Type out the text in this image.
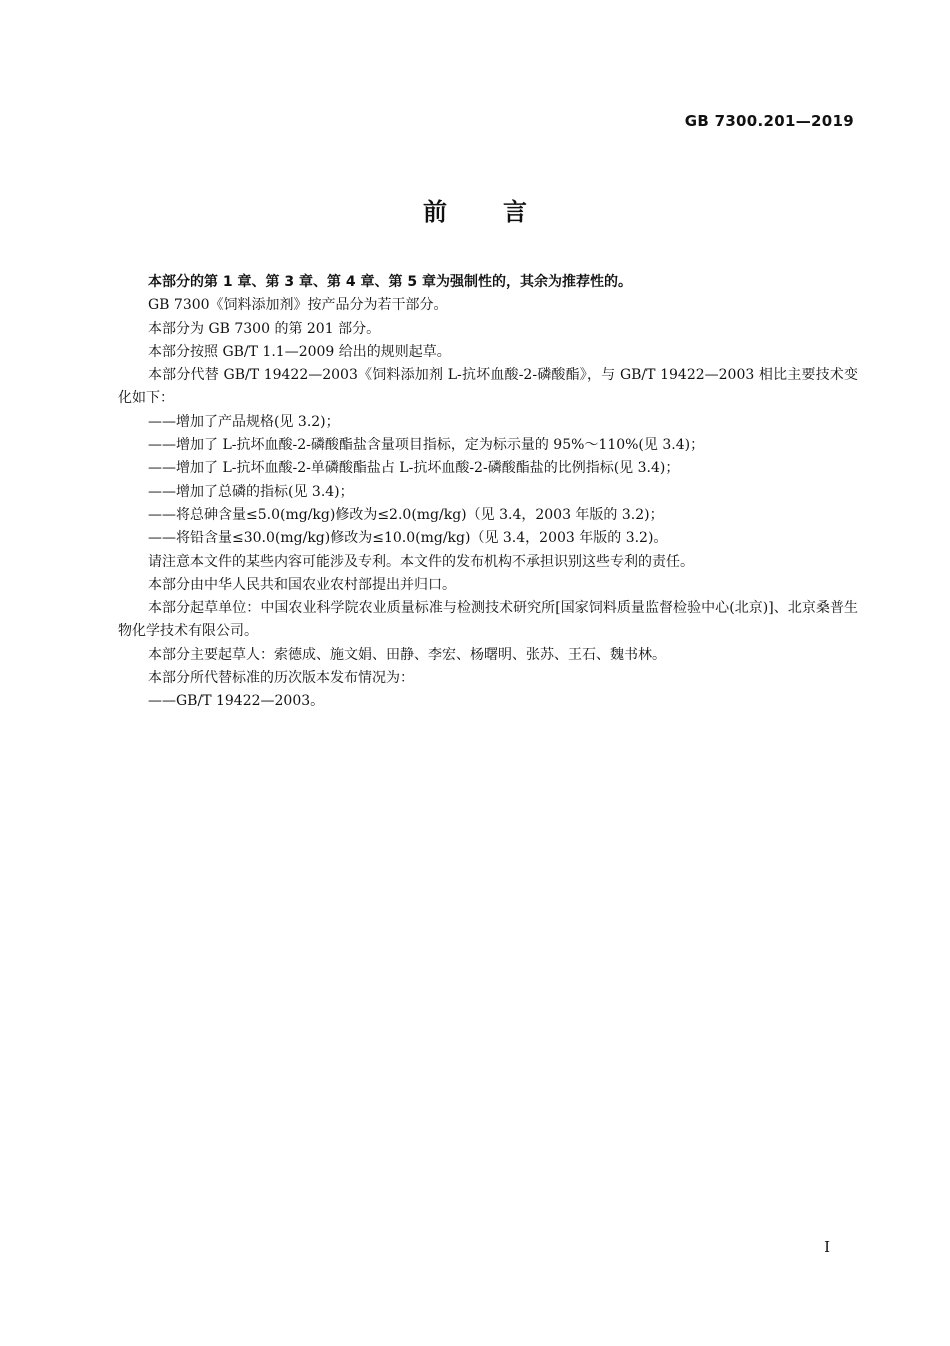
GB 7300.201—2019
前言

本部分的第 1 章、第 3 章、第 4 章、第 5 章为强制性的，其余为推荐性的。

GB 7300《饲料添加剂》按产品分为若干部分。

本部分为 GB 7300 的第 201 部分。

本部分按照 GB/T 1.1—2009 给出的规则起草。

本部分代替 GB/T 19422—2003《饲料添加剂 L-抗坏血酸-2-磷酸酯》，与 GB/T 19422—2003 相比主要技术变化如下：

——增加了产品规格(见 3.2)；

——增加了 L-抗坏血酸-2-磷酸酯盐含量项目指标，定为标示量的 95%～110%(见 3.4)；

——增加了 L-抗坏血酸-2-单磷酸酯盐占 L-抗坏血酸-2-磷酸酯盐的比例指标(见 3.4)；

——增加了总磷的指标(见 3.4)；

——将总砷含量≤5.0(mg/kg)修改为≤2.0(mg/kg)（见 3.4，2003 年版的 3.2)；

——将铅含量≤30.0(mg/kg)修改为≤10.0(mg/kg)（见 3.4，2003 年版的 3.2)。

请注意本文件的某些内容可能涉及专利。本文件的发布机构不承担识别这些专利的责任。

本部分由中华人民共和国农业农村部提出并归口。

本部分起草单位：中国农业科学院农业质量标准与检测技术研究所[国家饲料质量监督检验中心(北京)]、北京桑普生物化学技术有限公司。

本部分主要起草人：索德成、施文娟、田静、李宏、杨曙明、张苏、王石、魏书林。

本部分所代替标准的历次版本发布情况为：

——GB/T 19422—2003。

I
